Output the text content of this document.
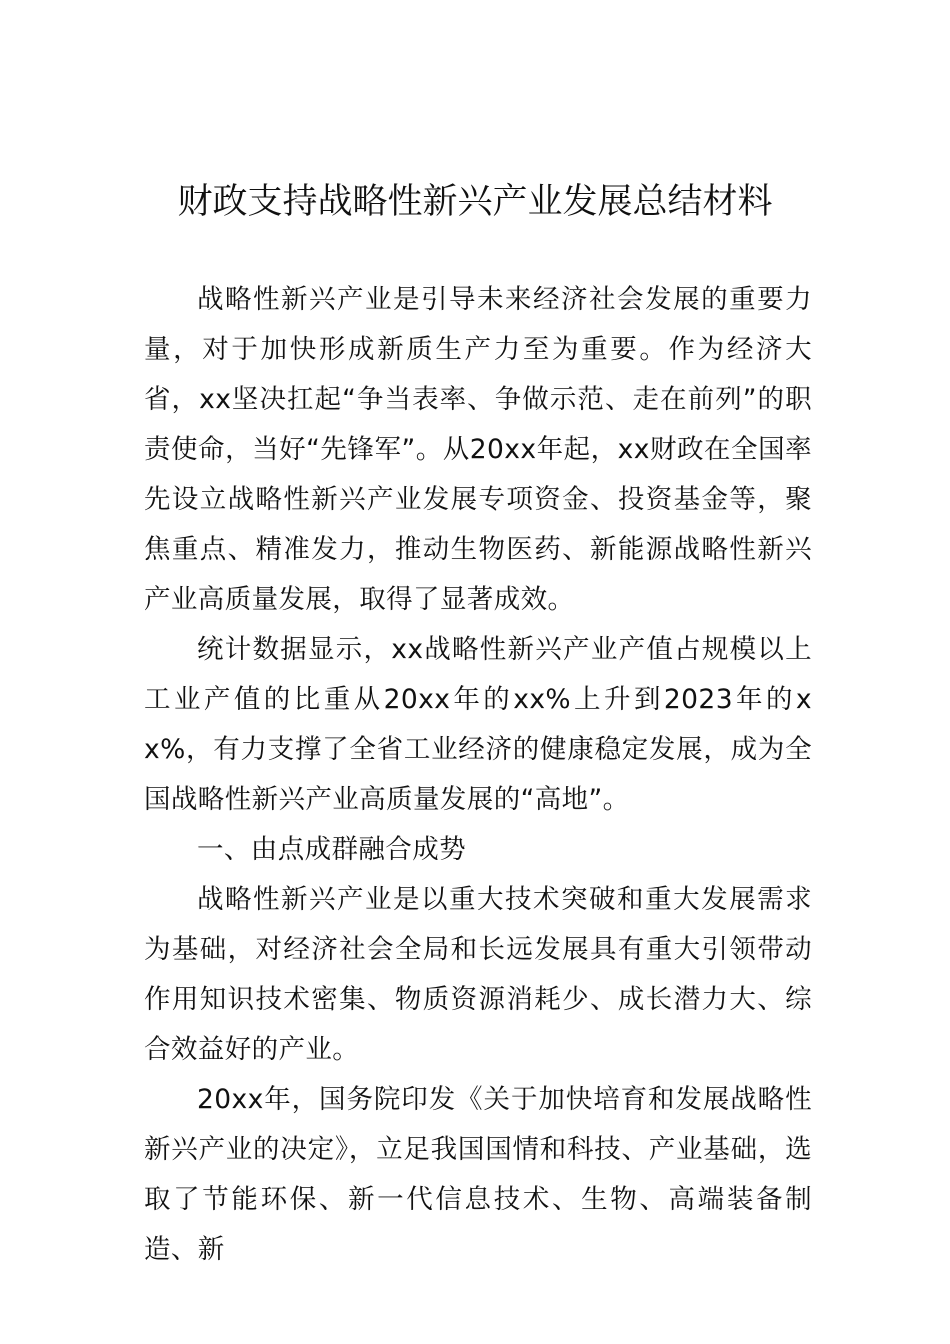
财政支持战略性新兴产业发展总结材料

战略性新兴产业是引导未来经济社会发展的重要力量，对于加快形成新质生产力至为重要。作为经济大省，xx坚决扛起“争当表率、争做示范、走在前列”的职责使命，当好“先锋军”。从20xx年起，xx财政在全国率先设立战略性新兴产业发展专项资金、投资基金等，聚焦重点、精准发力，推动生物医药、新能源战略性新兴产业高质量发展，取得了显著成效。

统计数据显示，xx战略性新兴产业产值占规模以上工业产值的比重从20xx年的xx%上升到2023年的xx%，有力支撑了全省工业经济的健康稳定发展，成为全国战略性新兴产业高质量发展的“高地”。

一、由点成群融合成势

战略性新兴产业是以重大技术突破和重大发展需求为基础，对经济社会全局和长远发展具有重大引领带动作用知识技术密集、物质资源消耗少、成长潜力大、综合效益好的产业。

20xx年，国务院印发《关于加快培育和发展战略性新兴产业的决定》，立足我国国情和科技、产业基础，选取了节能环保、新一代信息技术、生物、高端装备制造、新
